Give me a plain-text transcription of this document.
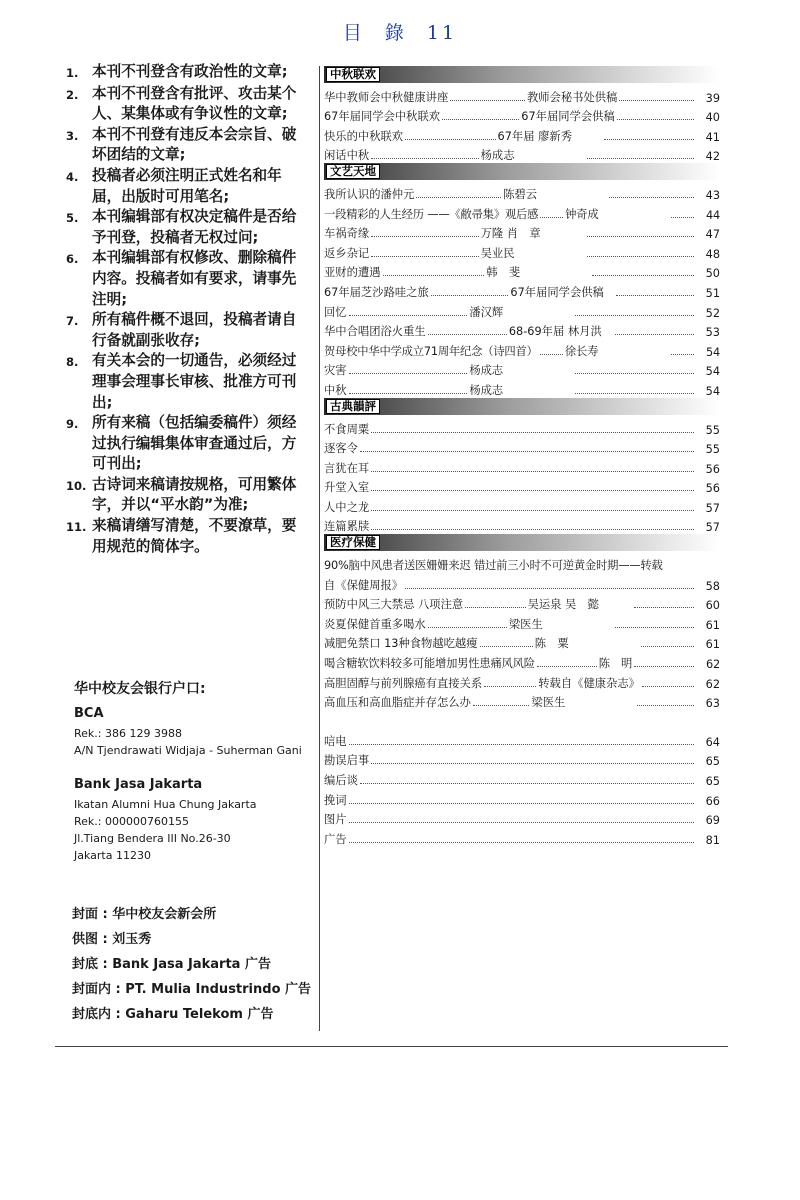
目 錄 11
1. 本刊不刊登含有政治性的文章;
2. 本刊不刊登含有批评、攻击某个人、某集体或有争议性的文章;
3. 本刊不刊登有违反本会宗旨、破坏团结的文章;
4. 投稿者必须注明正式姓名和年届，出版时可用笔名;
5. 本刊编辑部有权决定稿件是否给予刊登，投稿者无权过问;
6. 本刊编辑部有权修改、删除稿件内容。投稿者如有要求，请事先注明;
7. 所有稿件概不退回，投稿者请自行备就副张收存;
8. 有关本会的一切通告，必须经过理事会理事长审核、批准方可刊出;
9. 所有来稿（包括编委稿件）须经过执行编辑集体审查通过后，方可刊出;
10. 古诗词来稿请按规格，可用繁体字，并以“平水韵”为准;
11. 来稿请缮写清楚，不要潦草，要用规范的简体字。
华中校友会银行户口:
BCA
Rek.: 386 129 3988
A/N Tjendrawati Widjaja - Suherman Gani
Bank Jasa Jakarta
Ikatan Alumni Hua Chung Jakarta
Rek.: 000000760155
Jl.Tiang Bendera III No.26-30
Jakarta 11230
封面 : 华中校友会新会所
供图 : 刘玉秀
封底 : Bank Jasa Jakarta 广告
封面内 : PT. Mulia Industrindo 广告
封底内 : Gaharu Telekom 广告
中秋联欢
华中教师会中秋健康讲座	教师会秘书处供稿	39
67年届同学会中秋联欢	67年届同学会供稿	40
快乐的中秋联欢	67年届 廖新秀	41
闲话中秋	杨成志	42
文艺天地
我所认识的潘仲元	陈碧云	43
一段精彩的人生经历 ——《敝帚集》观后感 钟奇成	44
车祸奇缘	万隆 肖　章	47
返乡杂记	吴业民	48
亚财的遭遇	韩　斐	50
67年届芝沙路哇之旅	67年届同学会供稿	51
回忆	潘汉辉	52
华中合唱团浴火重生	68-69年届 林月洪	53
贺母校中华中学成立71周年纪念（诗四首） 徐长寿	54
灾害	杨成志	54
中秋	杨成志	54
古典韻評
不食周粟	55
逐客令	55
言犹在耳	56
升堂入室	56
人中之龙	57
连篇累牍	57
医疗保健
90%脑中风患者送医姗姗来迟 错过前三小时不可逆黄金时期——转载
自《保健周报》	58
预防中风三大禁忌 八项注意	吴运泉 吴　懿	60
炎夏保健首重多喝水	梁医生	61
减肥免禁口 13种食物越吃越瘦	陈　粟	61
喝含糖软饮料较多可能增加男性患痛风风险	陈　明	62
高胆固醇与前列腺癌有直接关系	转载自《健康杂志》	62
高血压和高血脂症并存怎么办	梁医生	63
唁电	64
勘误启事	65
编后谈	65
挽词	66
图片	69
广告	81
